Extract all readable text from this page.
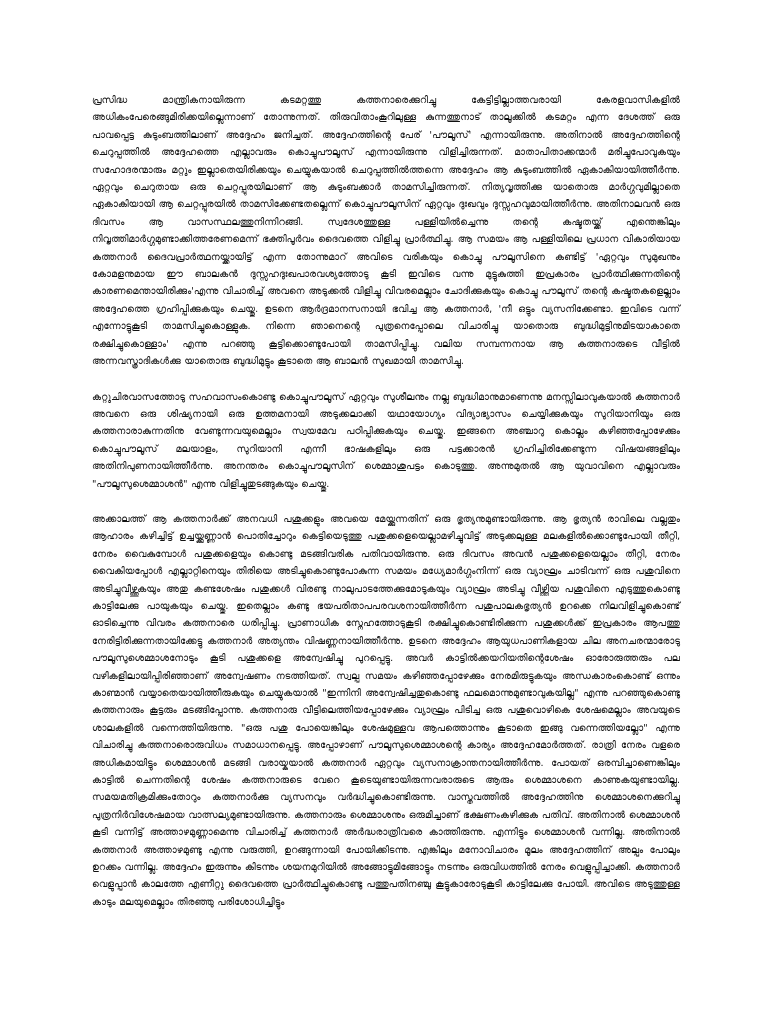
പ്രസിദ്ധ മാന്ത്രികനായിരുന്ന കടമറ്റത്തു കത്തനാരെക്കുറിച്ചു കേട്ടിട്ടില്ലാത്തവരായി കേരളവാസികളിൽ അധികംപേരെങ്ങുമിരിക്കയില്ലെന്നാണ് തോന്നുന്നത്. തിരുവിതാംകൂറിലുള്ള കുന്നത്തുനാട് താലൂക്കിൽ കടമറ്റം എന്ന ദേശത്ത് ഒരു പാവപ്പെട്ട കുടുംബത്തിലാണ് അദ്ദേഹം ജനിച്ചത്. അദ്ദേഹത്തിന്റെ പേര് 'പൗലൂസ്' എന്നായിരുന്നു. അതിനാൽ അദ്ദേഹത്തിന്റെ ചെറുപ്പത്തിൽ അദ്ദേഹത്തെ എല്ലാവരും കൊച്ചുപൗലൂസ് എന്നായിരുന്നു വിളിച്ചിരുന്നത്. മാതാപിതാക്കന്മാർ മരിച്ചുപോവുകയും സഹോദരന്മാരും മറ്റും ഇല്ലാതെയിരിക്കയും ചെയ്യുകയാൽ ചെറുപ്പത്തിൽത്തന്നെ അദ്ദേഹം ആ കുടുംബത്തിൽ ഏകാകിയായിത്തീർന്നു. ഏറ്റവും ചെറുതായ ഒരു ചെറ്റപ്പുരയിലാണ് ആ കുടുംബക്കാർ താമസിച്ചിരുന്നത്. നിത്യവൃത്തിക്കു യാതൊരു മാർഗ്ഗവുമില്ലാതെ ഏകാകിയായി ആ ചെറ്റപ്പുരയിൽ താമസിക്കേണ്ടതല്ലെന്ന് കൊച്ചുപൗലൂസിന് ഏറ്റവും ദുഃഖവും ദുസ്സഹവുമായിത്തീർന്നു. അതിനാലവൻ ഒരു ദിവസം ആ വാസസ്ഥലത്തുനിന്നിറങ്ങി. സ്വദേശത്തുള്ള പള്ളിയിൽച്ചെന്നു തന്റെ കഷ്ടതയ്ക്ക് എന്തെങ്കിലും നിവൃത്തിമാർഗ്ഗമുണ്ടാക്കിത്തരേണമെന്ന് ഭക്തിപൂർവം ദൈവത്തെ വിളിച്ചു പ്രാർത്ഥിച്ചു. ആ സമയം ആ പള്ളിയിലെ പ്രധാന വികാരിയായ കത്തനാർ ദൈവപ്രാർത്ഥനയ്ക്കായിട്ട് എന്ന തോന്നുമാറ് അവിടെ വരികയും കൊച്ചു പൗലൂസിനെ കണ്ടിട്ട് 'ഏറ്റവും സുമുഖനും കോമളനുമായ ഈ ബാലകൻ ദുസ്സഹദുഃഖപാരവശ്യത്തോടു കൂടി ഇവിടെ വന്നു മുട്ടുകുത്തി ഇപ്രകാരം പ്രാർത്ഥിക്കുന്നതിന്റെ കാരണമെന്തായിരിക്കും'എന്നു വിചാരിച്ച് അവനെ അടുക്കൽ വിളിച്ചു വിവരമെല്ലാം ചോദിക്കുകയും കൊച്ചു പൗലൂസ് തന്റെ കഷ്ടതകളെല്ലാം അദ്ദേഹത്തെ ഗ്രഹിപ്പിക്കുകയും ചെയ്തു. ഉടനെ ആർദ്രമാനസനായി ഭവിച്ച ആ കത്തനാർ, 'നീ ഒട്ടും വ്യസനിക്കേണ്ടാ. ഇവിടെ വന്ന് എന്നോട്ടുകൂടി താമസിച്ചുകൊള്ളുക. നിന്നെ ഞാനെന്റെ പുത്രനെപ്പോലെ വിചാരിച്ചു യാതൊരു ബുദ്ധിമുട്ടിനുമിടയാകാതെ രക്ഷിച്ചുകൊള്ളാം' എന്നു പറഞ്ഞു കൂട്ടിക്കൊണ്ടുപോയി താമസിപ്പിച്ചു. വലിയ സമ്പന്നനായ ആ കത്തനാരുടെ വീട്ടിൽ അന്നവസ്ത്രാദികൾക്കു യാതൊരു ബുദ്ധിമുട്ടും കൂടാതെ ആ ബാലൻ സുഖമായി താമസിച്ചു.

കറ്റുചിരവാസത്തോടു സഹവാസംകൊണ്ടു കൊച്ചുപൗലൂസ് ഏറ്റവും സുശീലനും നല്ല ബുദ്ധിമാനുമാണെന്നു മനസ്സിലാവുകയാൽ കത്തനാർ അവനെ ഒരു ശിഷ്യനായി ഒരു ഉത്തമനായി അടുക്കലാക്കി യഥായോഗ്യം വിദ്യാഭ്യാസം ചെയ്യിക്കുകയും സുറിയാനിയും ഒരു കത്തനാരാകുന്നതിനു വേണ്ടുന്നവയുമെല്ലാം സ്വയമേവ പഠിപ്പിക്കുകയും ചെയ്തു. ഇങ്ങനെ അഞ്ചാറു കൊല്ലം കഴിഞ്ഞപ്പോഴേക്കും കൊച്ചുപൗലൂസ് മലയാളം, സുറിയാനി എന്നീ ഭാഷകളിലും ഒരു പട്ടക്കാരൻ ഗ്രഹിച്ചിരിക്കേണ്ടുന്ന വിഷയങ്ങളിലും അതിനിപുണനായിത്തീർന്നു. അനന്തരം കൊച്ചുപൗലൂസിന് ശെമ്മാശുപട്ടം കൊടുത്തു. അന്നുമുതൽ ആ യുവാവിനെ എല്ലാവരും "പൗലൂസുശെമ്മാശൻ" എന്നു വിളിച്ചുതുടങ്ങുകയും ചെയ്തു.

അക്കാലത്ത് ആ കത്തനാർക്ക് അനവധി പശുക്കളും അവയെ മേയ്ക്കുന്നതിന് ഒരു ഭൃത്യനുമുണ്ടായിരുന്നു. ആ ഭൃത്യൻ രാവിലെ വല്ലതും ആഹാരം കഴിച്ചിട്ട് ഉച്ചയ്ക്കുണ്ണാൻ പൊതിച്ചോറും കെട്ടിയെടുത്തു പശുക്കളെയെല്ലാമഴിച്ചുവിട്ട് അടുക്കലുള്ള മലകളിൽക്കൊണ്ടുപോയി തീറ്റി, നേരം വൈകുമ്പോൾ പശുക്കളെയും കൊണ്ടു മടങ്ങിവരിക പതിവായിരുന്നു. ഒരു ദിവസം അവൻ പശുക്കളെയെല്ലാം തീറ്റി, നേരം വൈകിയപ്പോൾ എല്ലാറ്റിനെയും തിരിയെ അടിച്ചുകൊണ്ടുപോകുന്ന സമയം മധ്യേമാർഗ്ഗംനിന്ന് ഒരു വ്യാഘ്രം ചാടിവന്ന് ഒരു പശുവിനെ അടിച്ചുവീഴ്ത്തുകയും അതു കണ്ടശേഷം പശുക്കൾ വിരണ്ടു നാലുപാടത്തേക്കുമോടുകയും വ്യാഘ്രം അടിച്ചു വീഴ്ത്തിയ പശുവിനെ എടുത്തുകൊണ്ടു കാട്ടിലേക്കു പായുകയും ചെയ്തു. ഇതെല്ലാം കണ്ടു ഭയപരിതാപപരവശനായിത്തീർന്ന പശുപാലകഭൃത്യൻ ഉറക്കെ നിലവിളിച്ചുകൊണ്ട് ഓടിച്ചെന്നു വിവരം കത്തനാരെ ധരിപ്പിച്ചു. പ്രാണാധിക സ്നേഹത്തോടുകൂടി രക്ഷിച്ചുകൊണ്ടിരിക്കുന്ന പശുക്കൾക്ക് ഇപ്രകാരം ആപത്തു നേരിട്ടിരിക്കുന്നതായിക്കേട്ടു കത്തനാർ അത്യന്തം വിഷണ്ണനായിത്തീർന്നു. ഉടനെ അദ്ദേഹം ആയുധപാണികളായ ചില അനചരന്മാരോടു പൗലൂസുശെമ്മാശനോടും കൂടി പശുക്കളെ അന്വേഷിച്ചു പുറപ്പെട്ടു. അവർ കാട്ടിൽക്കയറിയതിന്റെശേഷം ഓരോരുത്തരും പല വഴികളിലായിപ്പിരിഞ്ഞാണ് അന്വേഷണം നടത്തിയത്. സ്വല്പ സമയം കഴിഞ്ഞപ്പോഴേക്കും നേരമിരുട്ടുകയും അന്ധകാരംകൊണ്ട് ഒന്നും കാണ്മാൻ വയ്യാതെയായിത്തീരുകയും ചെയ്യുകയാൽ "ഇന്നിനി അന്വേഷിച്ചതുകൊണ്ടു ഫലമൊന്നുമുണ്ടാവുകയില്ല" എന്നു പറഞ്ഞുകൊണ്ടു കത്തനാരും കൂട്ടരും മടങ്ങിപ്പോന്നു. കത്തനാരു വീട്ടിലെത്തിയപ്പോഴേക്കും വ്യാഘ്രം പിടിച്ച ഒരു പശുവൊഴികെ ശേഷമെല്ലാം അവയുടെ ശാലകളിൽ വന്നെത്തിയിരുന്നു. "ഒരു പശു പോയെങ്കിലും ശേഷമുള്ളവ ആപത്തൊന്നും കൂടാതെ ഇങ്ങു വന്നെത്തിയല്ലോ" എന്നു വിചാരിച്ചു കത്തനാരൊരുവിധം സമാധാനപ്പെട്ടു. അപ്പോഴാണ് പൗലൂസുശെമ്മാശന്റെ കാര്യം അദ്ദേഹമോർത്തത്. രാത്രി നേരം വളരെ അധികമായിട്ടും ശെമ്മാശൻ മടങ്ങി വരായ്കയാൽ കത്തനാർ ഏറ്റവും വ്യസനാക്രാന്തനായിത്തീർന്നു. പോയത് ഒരമ്പിച്ചാണെങ്കിലും കാട്ടിൽ ചെന്നതിന്റെ ശേഷം കത്തനാരുടെ വേറെ കൂടെയുണ്ടായിരുന്നവരാരുടെ ആരും ശെമ്മാശനെ കാണുകയുണ്ടായില്ല. സമയമതിക്രമിക്കുംതോറും കത്തനാർക്കു വ്യസനവും വർദ്ധിച്ചുകൊണ്ടിരുന്നു. വാസ്തവത്തിൽ അദ്ദേഹത്തിനു ശെമ്മാശനെക്കുറിച്ചു പുത്രനിർവിശേഷമായ വാത്സല്യമുണ്ടായിരുന്നു. കത്തനാരും ശെമ്മാശനും ഒരുമിച്ചാണ് ഭക്ഷണംകഴിക്കുക പതിവ്. അതിനാൽ ശെമ്മാശൻ കൂടി വന്നിട്ട് അത്താഴമുണ്ണാമെന്നു വിചാരിച്ച് കത്തനാർ അർദ്ധരാത്രിവരെ കാത്തിരുന്നു. എന്നിട്ടും ശെമ്മാശൻ വന്നില്ല. അതിനാൽ കത്തനാർ അത്താഴമുണ്ടു എന്നു വരുത്തി, ഉറങ്ങുന്നായി പോയിക്കിടന്നു. എങ്കിലും മനോവിചാരം മൂലം അദ്ദേഹത്തിന് അല്പം പോലും ഉറക്കം വന്നില്ല. അദ്ദേഹം ഇരുന്നും കിടന്നും ശയനമുറിയിൽ അങ്ങോട്ടുമിങ്ങോട്ടും നടന്നും ഒരുവിധത്തിൽ നേരം വെളുപ്പിച്ചാക്കി. കത്തനാർ വെളുപ്പാൻ കാലത്തേ എണീറ്റു ദൈവത്തെ പ്രാർത്ഥിച്ചുകൊണ്ടു പത്തുപതിനഞ്ചു കൂട്ടുകാരോടുകൂടി കാട്ടിലേക്കു പോയി. അവിടെ അടുത്തുള്ള കാടും മലയുമെല്ലാം തിരഞ്ഞു പരിശോധിച്ചിട്ടും
